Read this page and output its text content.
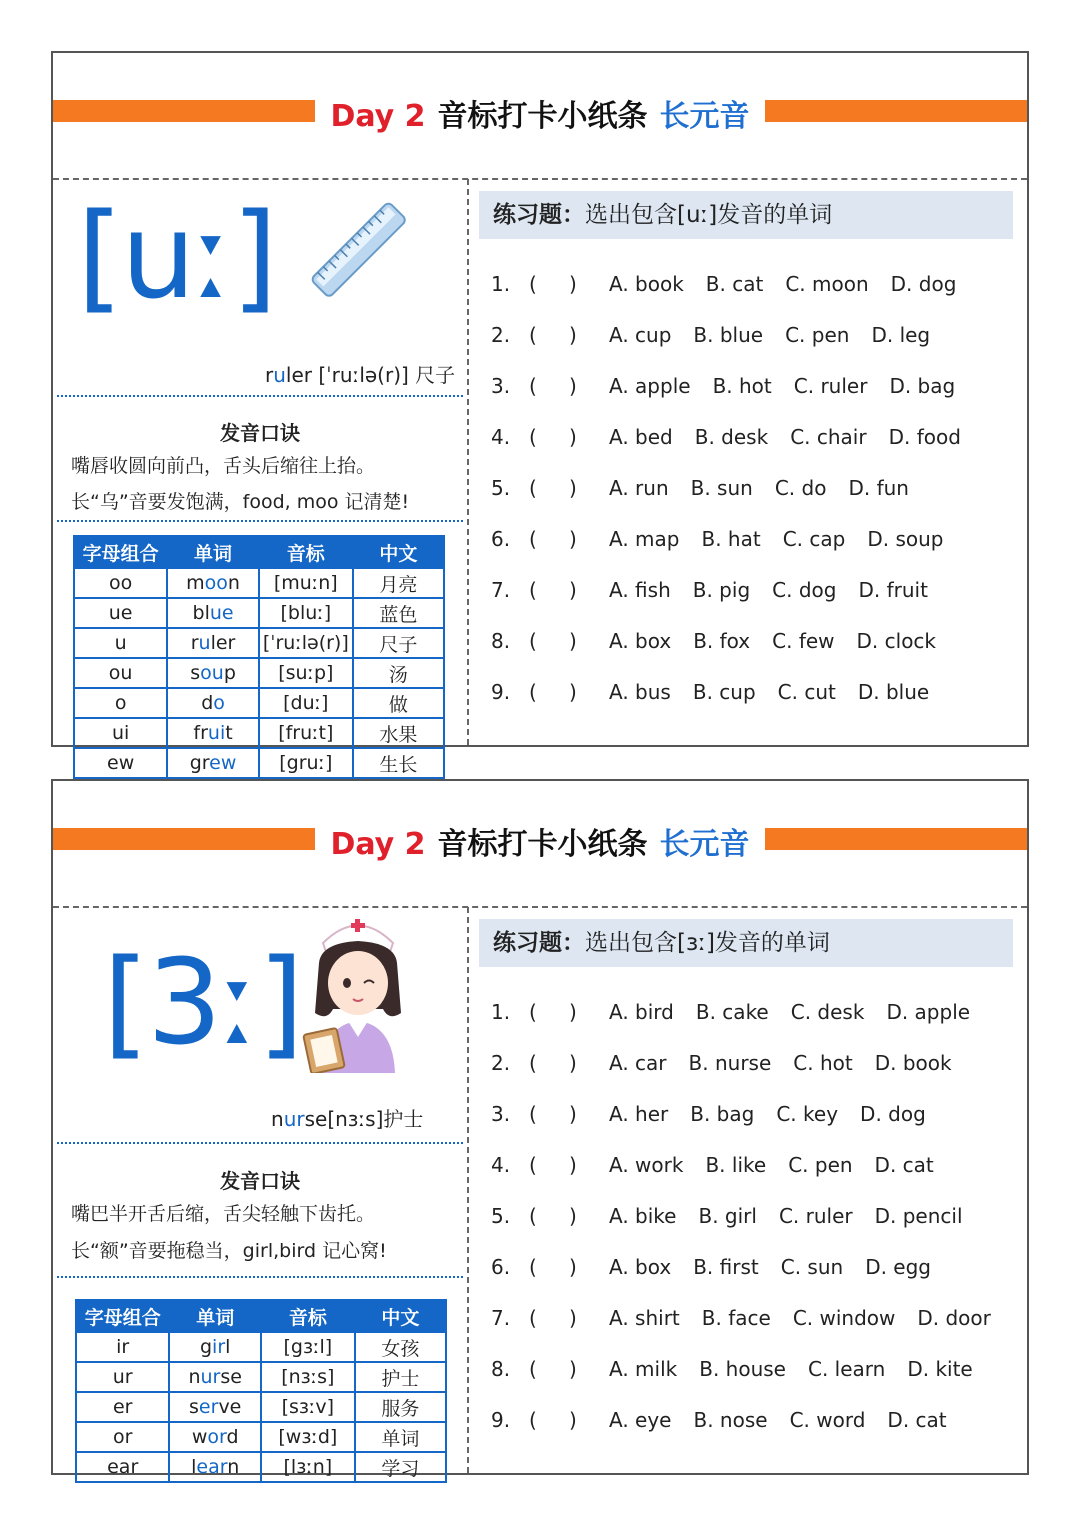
Day 2 音标打卡小纸条 长元音
[uː]
ruler [ˈruːlə(r)] 尺子
发音口诀
嘴唇收圆向前凸，舌头后缩往上抬。
长“乌”音要发饱满，food, moo 记清楚!
字母组合	单词	音标	中文
oo	moon	[muːn]	月亮
ue	blue	[bluː]	蓝色
u	ruler	[ˈruːlə(r)]	尺子
ou	soup	[suːp]	汤
o	do	[duː]	做
ui	fruit	[fruːt]	水果
ew	grew	[gruː]	生长
练习题：选出包含[uː]发音的单词
1. ( ) A. book B. cat C. moon D. dog
2. ( ) A. cup B. blue C. pen D. leg
3. ( ) A. apple B. hot C. ruler D. bag
4. ( ) A. bed B. desk C. chair D. food
5. ( ) A. run B. sun C. do D. fun
6. ( ) A. map B. hat C. cap D. soup
7. ( ) A. fish B. pig C. dog D. fruit
8. ( ) A. box B. fox C. few D. clock
9. ( ) A. bus B. cup C. cut D. blue
Day 2 音标打卡小纸条 长元音
[3ː]
nurse[nɜːs]护士
发音口诀
嘴巴半开舌后缩，舌尖轻触下齿托。
长“额”音要拖稳当，girl,bird 记心窝!
字母组合	单词	音标	中文
ir	girl	[gɜːl]	女孩
ur	nurse	[nɜːs]	护士
er	serve	[sɜːv]	服务
or	word	[wɜːd]	单词
ear	learn	[lɜːn]	学习
练习题：选出包含[ɜː]发音的单词
1. ( ) A. bird B. cake C. desk D. apple
2. ( ) A. car B. nurse C. hot D. book
3. ( ) A. her B. bag C. key D. dog
4. ( ) A. work B. like C. pen D. cat
5. ( ) A. bike B. girl C. ruler D. pencil
6. ( ) A. box B. first C. sun D. egg
7. ( ) A. shirt B. face C. window D. door
8. ( ) A. milk B. house C. learn D. kite
9. ( ) A. eye B. nose C. word D. cat
